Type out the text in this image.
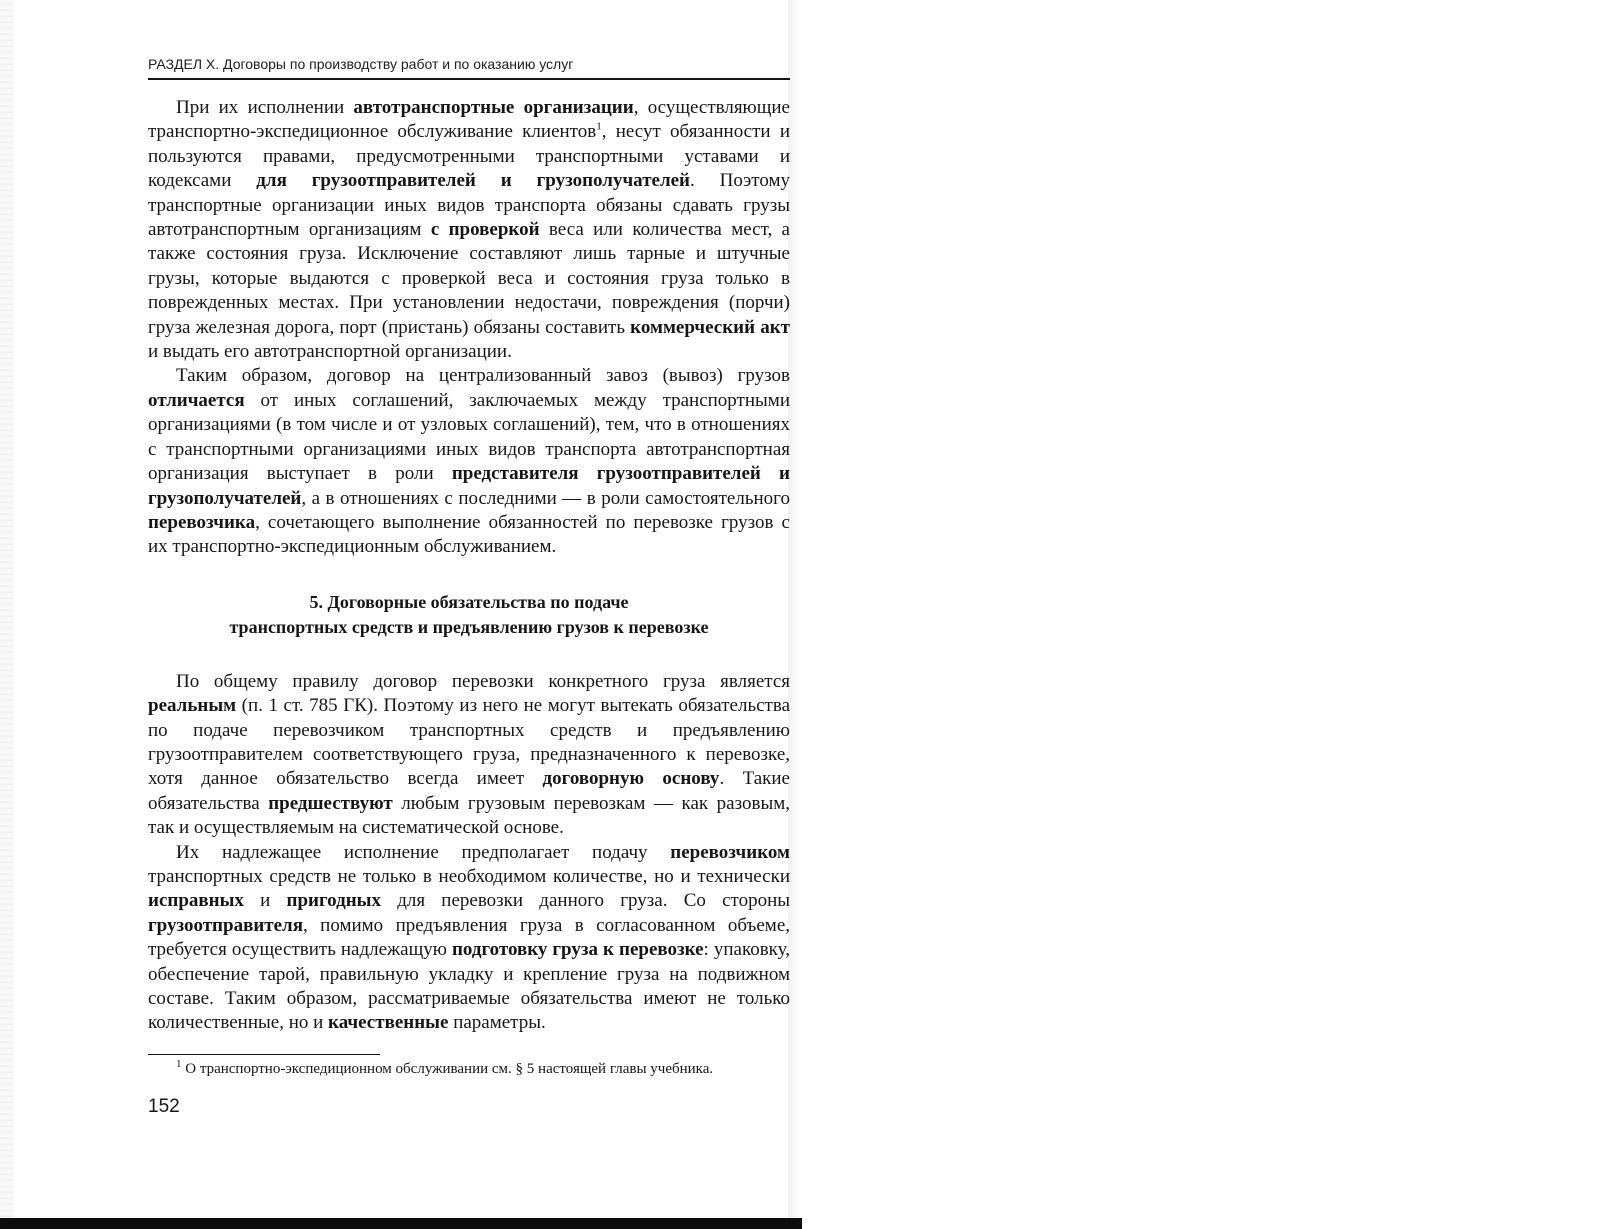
РАЗДЕЛ X. Договоры по производству работ и по оказанию услуг

При их исполнении автотранспортные организации, осуществляющие транспортно-экспедиционное обслуживание клиентов$^1$, несут обязанности и пользуются правами, предусмотренными транспортными уставами и кодексами для грузоотправителей и грузополучателей. Поэтому транспортные организации иных видов транспорта обязаны сдавать грузы автотранспортным организациям с проверкой веса или количества мест, а также состояния груза. Исключение составляют лишь тарные и штучные грузы, которые выдаются с проверкой веса и состояния груза только в поврежденных местах. При установлении недостачи, повреждения (порчи) груза железная дорога, порт (пристань) обязаны составить коммерческий акт и выдать его автотранспортной организации.

Таким образом, договор на централизованный завоз (вывоз) грузов отличается от иных соглашений, заключаемых между транспортными организациями (в том числе и от узловых соглашений), тем, что в отношениях с транспортными организациями иных видов транспорта автотранспортная организация выступает в роли представителя грузоотправителей и грузополучателей, а в отношениях с последними — в роли самостоятельного перевозчика, сочетающего выполнение обязанностей по перевозке грузов с их транспортно-экспедиционным обслуживанием.

5. Договорные обязательства по подаче
транспортных средств и предъявлению грузов к перевозке

По общему правилу договор перевозки конкретного груза является реальным (п. 1 ст. 785 ГК). Поэтому из него не могут вытекать обязательства по подаче перевозчиком транспортных средств и предъявлению грузоотправителем соответствующего груза, предназначенного к перевозке, хотя данное обязательство всегда имеет договорную основу. Такие обязательства предшествуют любым грузовым перевозкам — как разовым, так и осуществляемым на систематической основе.

Их надлежащее исполнение предполагает подачу перевозчиком транспортных средств не только в необходимом количестве, но и технически исправных и пригодных для перевозки данного груза. Со стороны грузоотправителя, помимо предъявления груза в согласованном объеме, требуется осуществить надлежащую подготовку груза к перевозке: упаковку, обеспечение тарой, правильную укладку и крепление груза на подвижном составе. Таким образом, рассматриваемые обязательства имеют не только количественные, но и качественные параметры.

$^1$ О транспортно-экспедиционном обслуживании см. § 5 настоящей главы учебника.
152
